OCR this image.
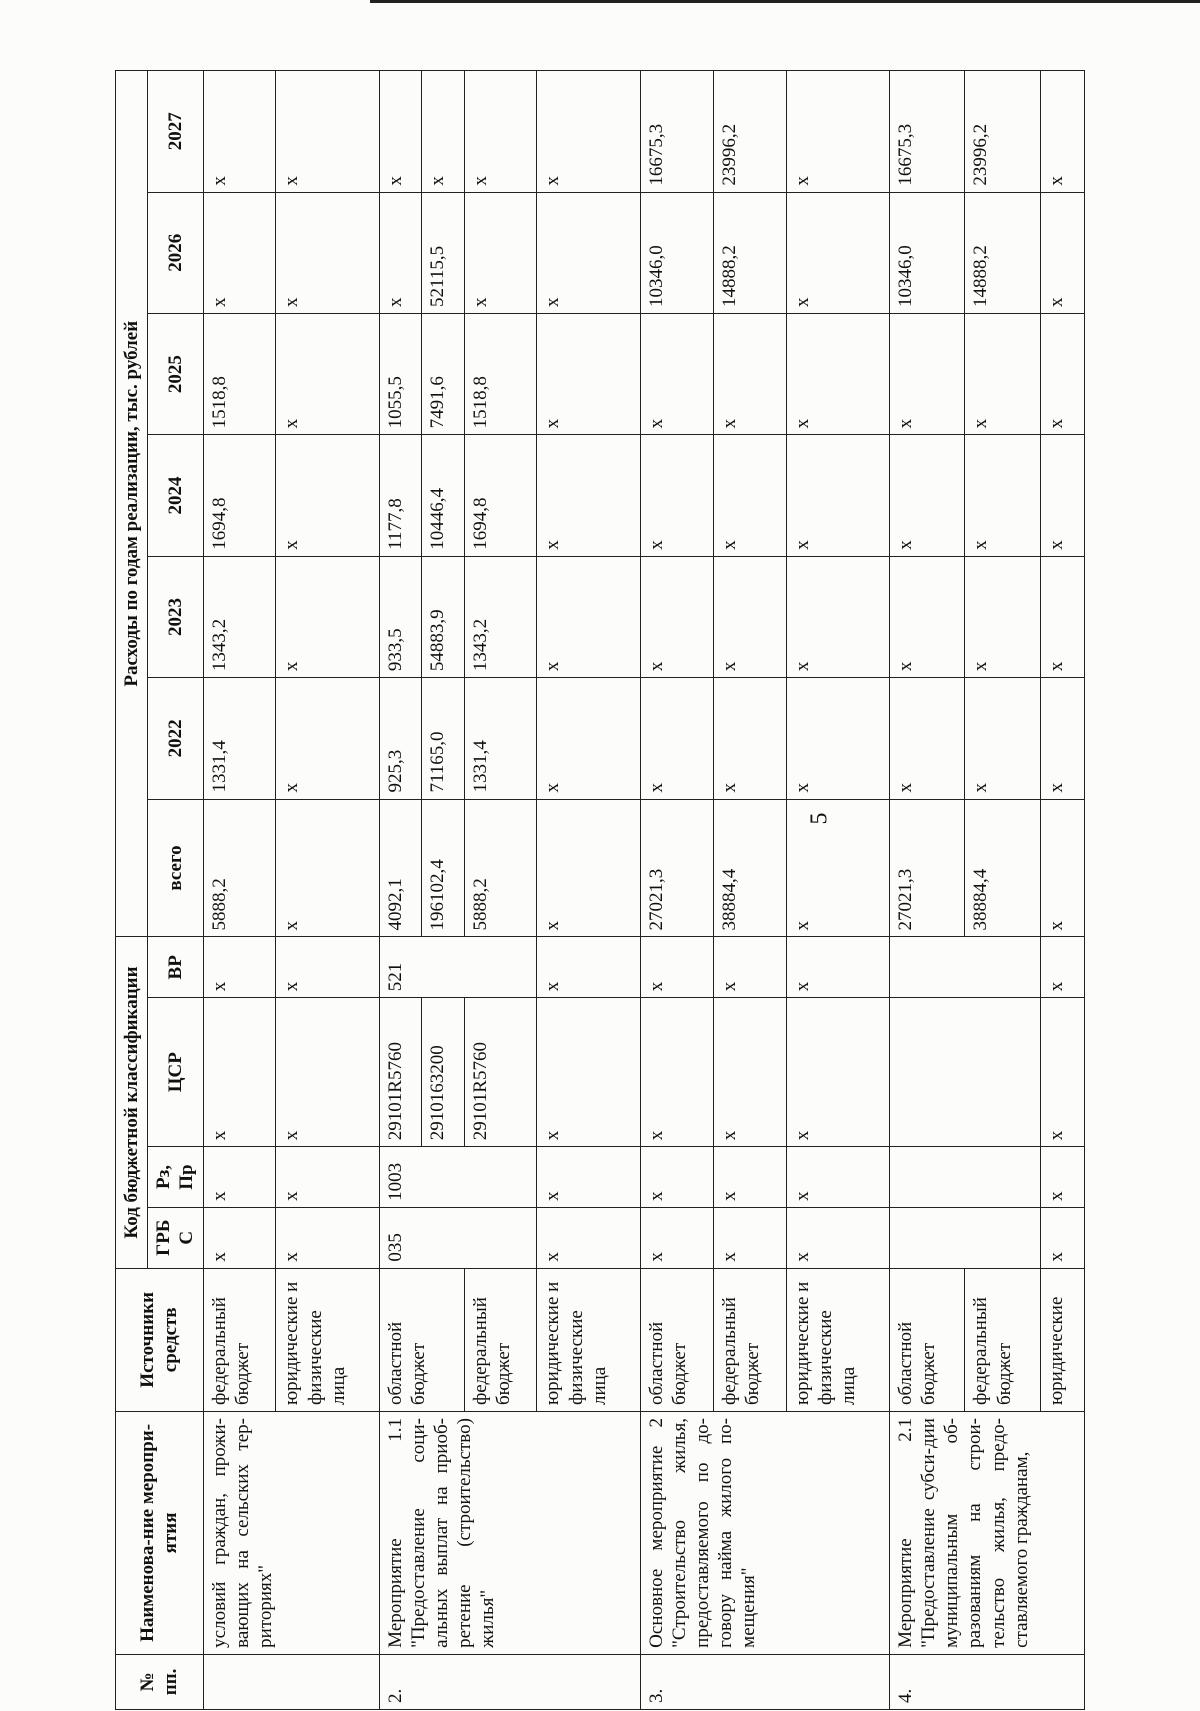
5
№ пп.	Наименова-ние меропри-ятия	Источники средств	Код бюджетной классификации				Расходы по годам реализации, тыс. рублей						
			ГРБ С	Рз, Пр	ЦСР	ВР	всего	2022	2023	2024	2025	2026	2027
	условий граждан, прожи-вающих на сельских тер-риториях"	федеральный бюджет	x	x	x	x	5888,2	1331,4	1343,2	1694,8	1518,8	x	x
		юридические и физические лица	x	x	x	x	x	x	x	x	x	x	x
2.	Мероприятие 1.1 "Предоставление соци-альных выплат на приоб-ретение (строительство) жилья"	областной бюджет	035	1003	29101R5760	521	4092,1	925,3	933,5	1177,8	1055,5	x	x
					2910163200		196102,4	71165,0	54883,9	10446,4	7491,6	52115,5	x
		федеральный бюджет			29101R5760		5888,2	1331,4	1343,2	1694,8	1518,8	x	x
		юридические и физические лица	x	x	x	x	x	x	x	x	x	x	x
3.	Основное мероприятие 2 "Строительство жилья, предоставляемого по до-говору найма жилого по-мещения"	областной бюджет	x	x	x	x	27021,3	x	x	x	x	10346,0	16675,3
		федеральный бюджет	x	x	x	x	38884,4	x	x	x	x	14888,2	23996,2
		юридические и физические лица	x	x	x	x	x	x	x	x	x	x	x
4.	Мероприятие 2.1 "Предоставление субси-дии муниципальным об-разованиям на строи-тельство жилья, предо-ставляемого гражданам,	областной бюджет					27021,3	x	x	x	x	10346,0	16675,3
		федеральный бюджет					38884,4	x	x	x	x	14888,2	23996,2
		юридические	x	x	x	x	x	x	x	x	x	x	x
